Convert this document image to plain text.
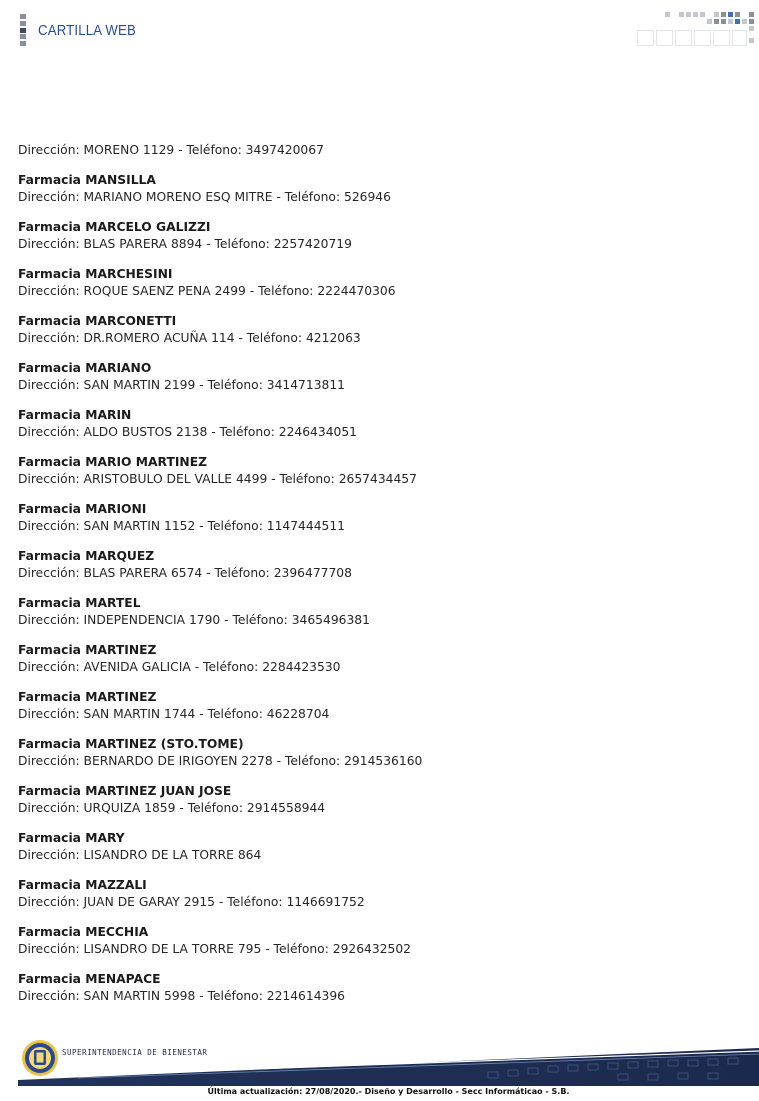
CARTILLA WEB
Dirección: MORENO 1129 - Teléfono: 3497420067
Farmacia MANSILLA
Dirección: MARIANO MORENO ESQ MITRE - Teléfono: 526946
Farmacia MARCELO GALIZZI
Dirección: BLAS PARERA 8894 - Teléfono: 2257420719
Farmacia MARCHESINI
Dirección: ROQUE SAENZ PENA 2499 - Teléfono: 2224470306
Farmacia MARCONETTI
Dirección: DR.ROMERO ACUÑA 114 - Teléfono: 4212063
Farmacia MARIANO
Dirección: SAN MARTIN 2199 - Teléfono: 3414713811
Farmacia MARIN
Dirección: ALDO BUSTOS 2138 - Teléfono: 2246434051
Farmacia MARIO MARTINEZ
Dirección: ARISTOBULO DEL VALLE 4499 - Teléfono: 2657434457
Farmacia MARIONI
Dirección: SAN MARTIN 1152 - Teléfono: 1147444511
Farmacia MARQUEZ
Dirección: BLAS PARERA 6574 - Teléfono: 2396477708
Farmacia MARTEL
Dirección: INDEPENDENCIA 1790 - Teléfono: 3465496381
Farmacia MARTINEZ
Dirección: AVENIDA GALICIA - Teléfono: 2284423530
Farmacia MARTINEZ
Dirección: SAN MARTIN 1744 - Teléfono: 46228704
Farmacia MARTINEZ (STO.TOME)
Dirección: BERNARDO DE IRIGOYEN 2278 - Teléfono: 2914536160
Farmacia MARTINEZ JUAN JOSE
Dirección: URQUIZA 1859 - Teléfono: 2914558944
Farmacia MARY
Dirección: LISANDRO DE LA TORRE 864
Farmacia MAZZALI
Dirección: JUAN DE GARAY 2915 - Teléfono: 1146691752
Farmacia MECCHIA
Dirección: LISANDRO DE LA TORRE 795 - Teléfono: 2926432502
Farmacia MENAPACE
Dirección: SAN MARTIN 5998 - Teléfono: 2214614396
SUPERINTENDENCIA DE BIENESTAR
Última actualización: 27/08/2020.- Diseño y Desarrollo - Secc Informáticao - S.B.
